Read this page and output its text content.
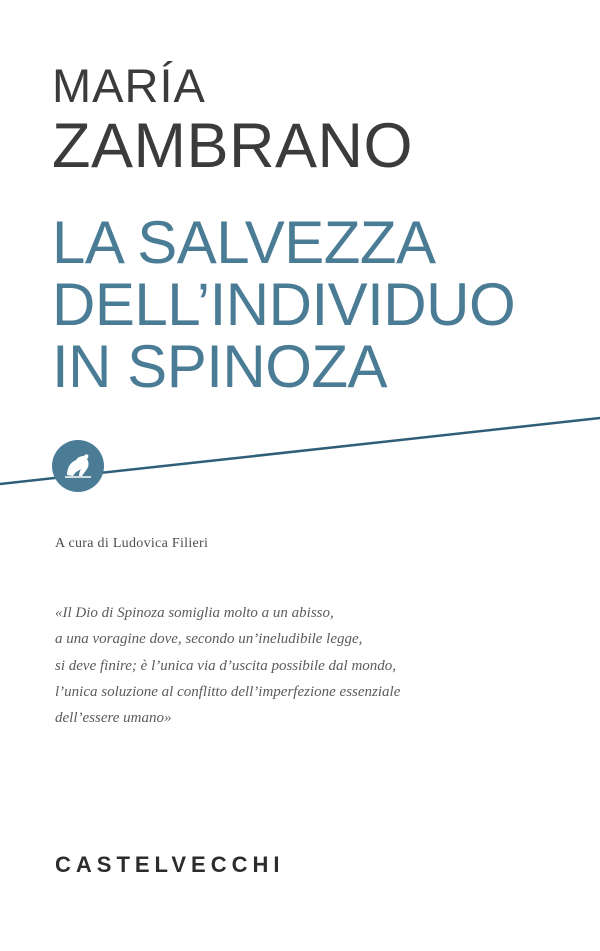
MARÍA
ZAMBRANO
LA SALVEZZA
DELL’INDIVIDUO
IN SPINOZA
A cura di Ludovica Filieri
«Il Dio di Spinoza somiglia molto a un abisso,
a una voragine dove, secondo un’ineludibile legge,
si deve finire; è l’unica via d’uscita possibile dal mondo,
l’unica soluzione al conflitto dell’imperfezione essenziale
dell’essere umano»
CASTELVECCHI
